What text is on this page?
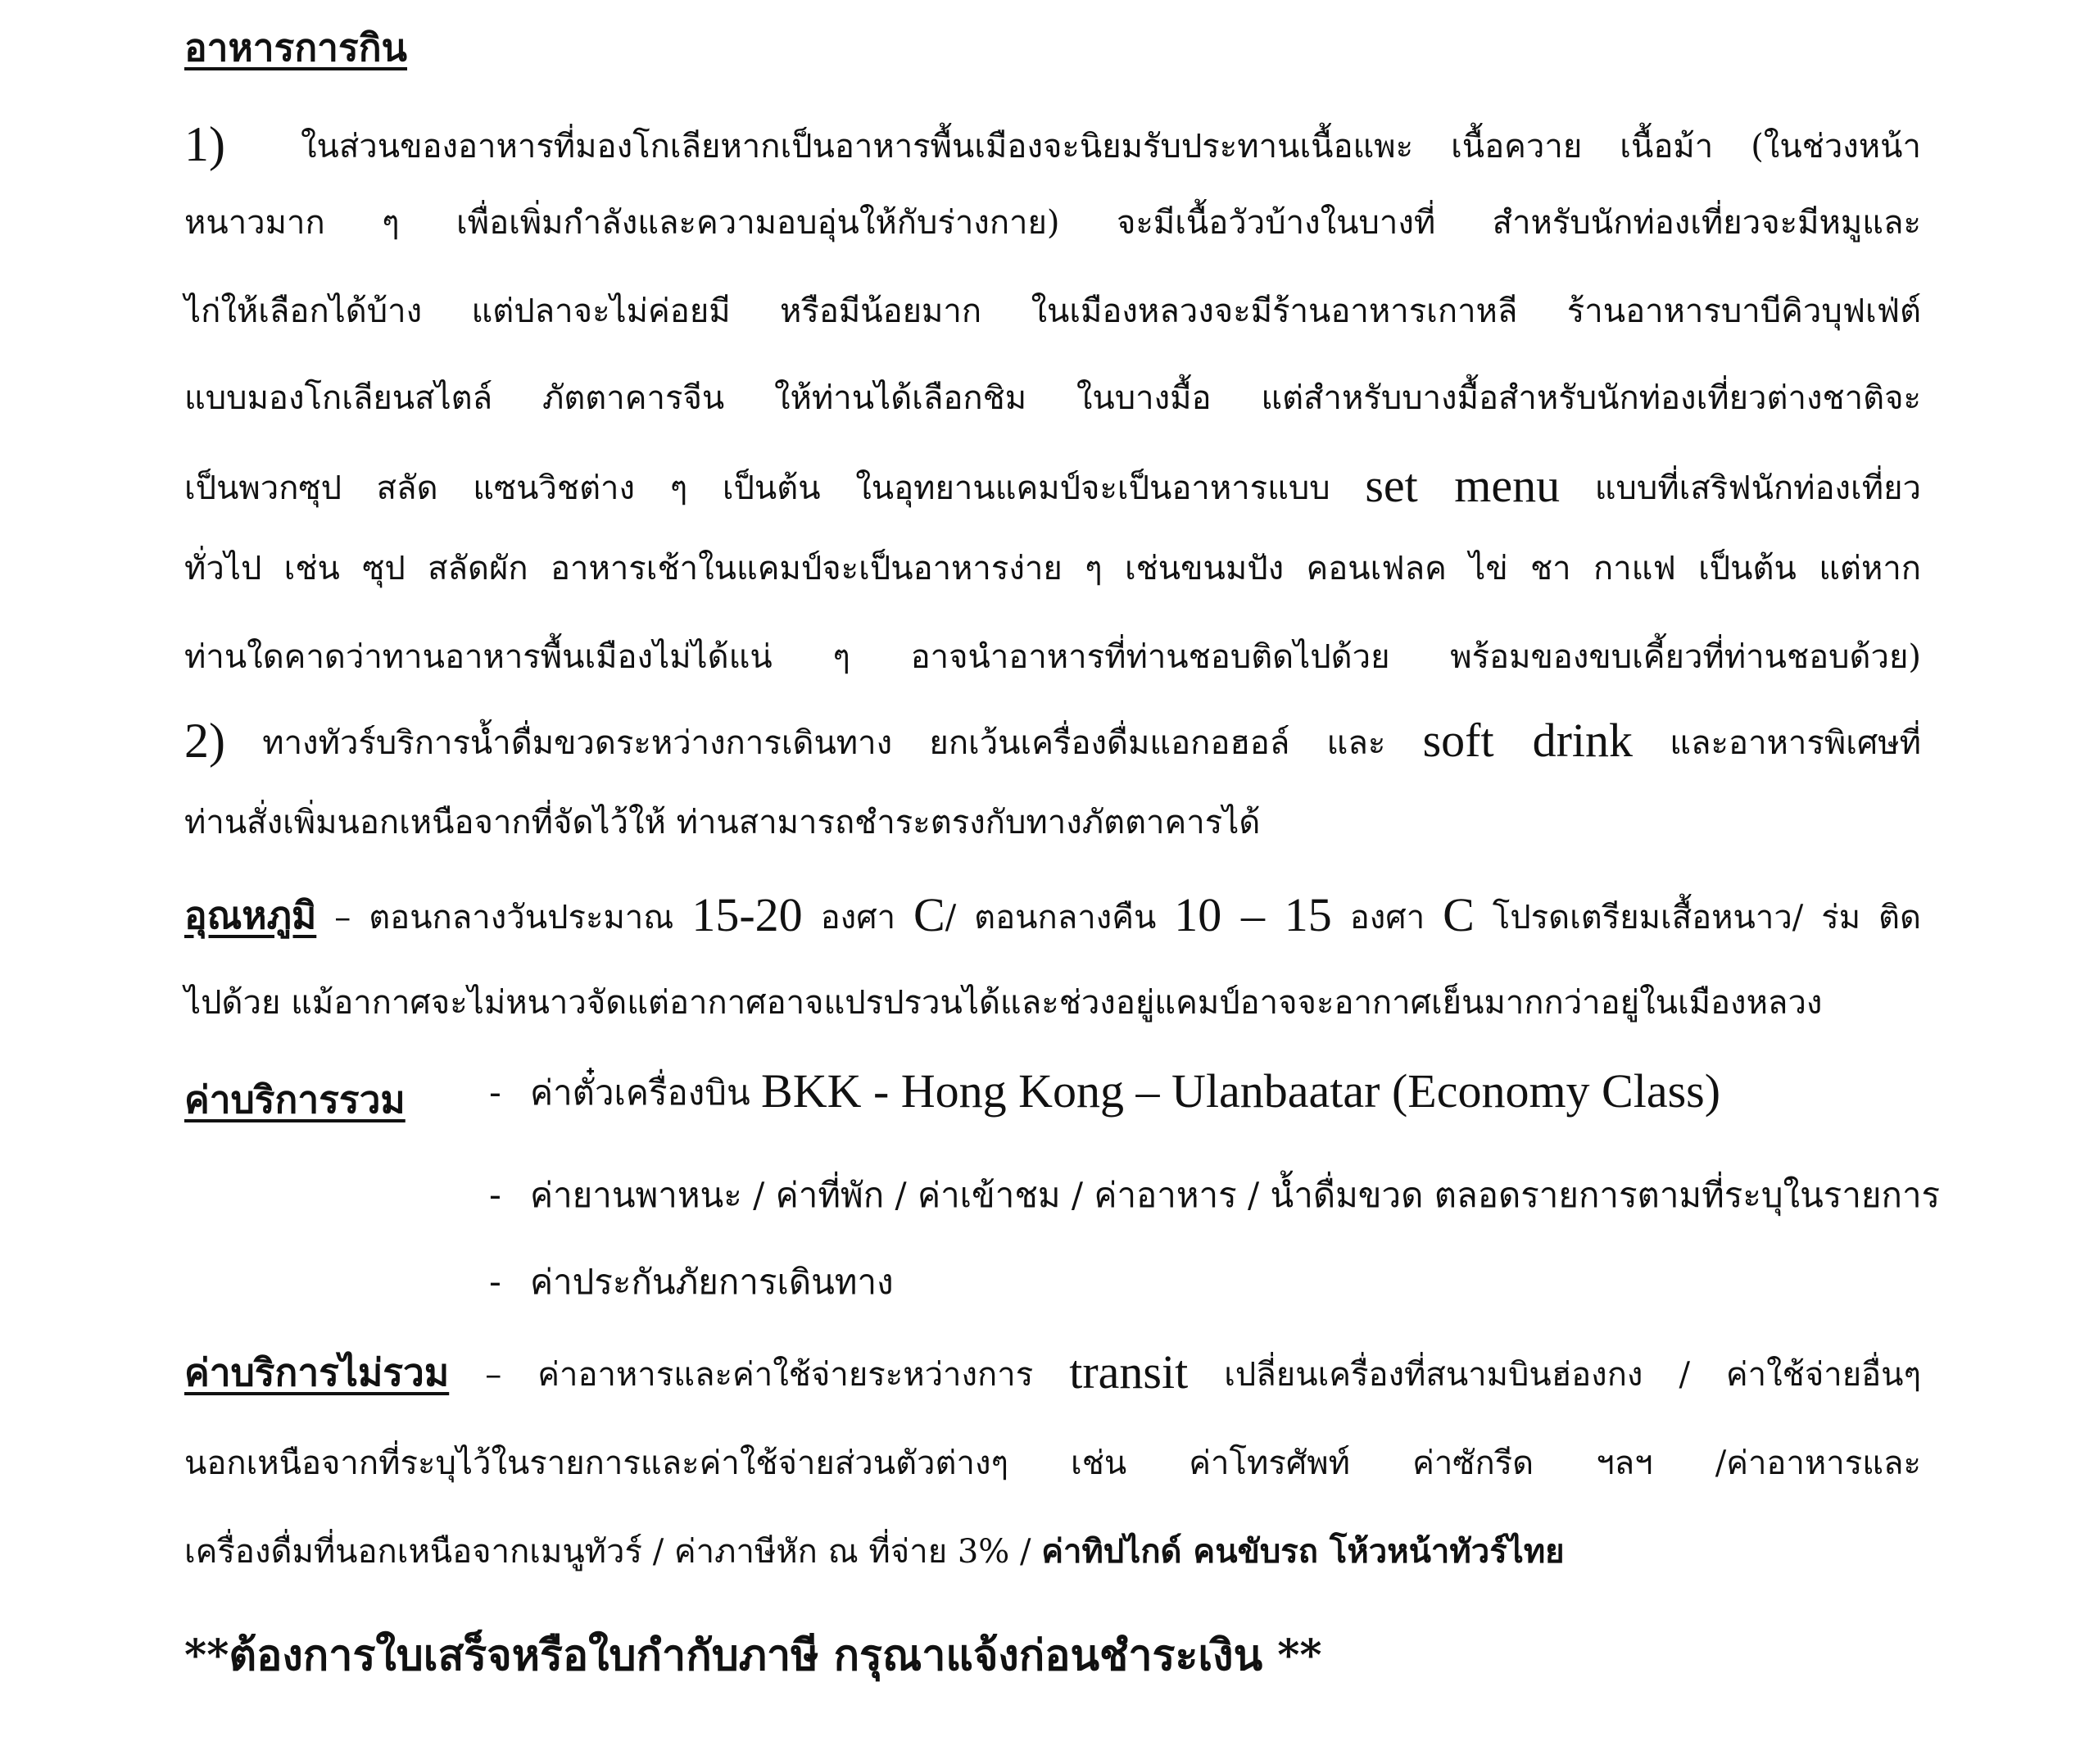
อาหารการกิน
1) ในส่วนของอาหารที่มองโกเลียหากเป็นอาหารพื้นเมืองจะนิยมรับประทานเนื้อแพะ เนื้อควาย เนื้อม้า (ในช่วงหน้า
หนาวมาก ๆ เพื่อเพิ่มกำลังและความอบอุ่นให้กับร่างกาย) จะมีเนื้อวัวบ้างในบางที่ สำหรับนักท่องเที่ยวจะมีหมูและ
ไก่ให้เลือกได้บ้าง แต่ปลาจะไม่ค่อยมี หรือมีน้อยมาก ในเมืองหลวงจะมีร้านอาหารเกาหลี ร้านอาหารบาบีคิวบุฟเฟ่ต์
แบบมองโกเลียนสไตล์ ภัตตาคารจีน ให้ท่านได้เลือกชิม ในบางมื้อ แต่สำหรับบางมื้อสำหรับนักท่องเที่ยวต่างชาติจะ
เป็นพวกซุป สลัด แซนวิชต่าง ๆ เป็นต้น ในอุทยานแคมป์จะเป็นอาหารแบบ set menu แบบที่เสริฟนักท่องเที่ยว
ทั่วไป เช่น ซุป สลัดผัก อาหารเช้าในแคมป์จะเป็นอาหารง่าย ๆ เช่นขนมปัง คอนเฟลค ไข่ ชา กาแฟ เป็นต้น แต่หาก
ท่านใดคาดว่าทานอาหารพื้นเมืองไม่ได้แน่ ๆ อาจนำอาหารที่ท่านชอบติดไปด้วย พร้อมของขบเคี้ยวที่ท่านชอบด้วย)
2) ทางทัวร์บริการน้ำดื่มขวดระหว่างการเดินทาง ยกเว้นเครื่องดื่มแอกอฮอล์ และ soft drink และอาหารพิเศษที่
ท่านสั่งเพิ่มนอกเหนือจากที่จัดไว้ให้ ท่านสามารถชำระตรงกับทางภัตตาคารได้
อุณหภูมิ – ตอนกลางวันประมาณ 15-20 องศา C/ ตอนกลางคืน 10 – 15 องศา C โปรดเตรียมเสื้อหนาว/ ร่ม ติด
ไปด้วย แม้อากาศจะไม่หนาวจัดแต่อากาศอาจแปรปรวนได้และช่วงอยู่แคมป์อาจจะอากาศเย็นมากกว่าอยู่ในเมืองหลวง
ค่าบริการรวม - ค่าตั๋วเครื่องบิน BKK - Hong Kong – Ulanbaatar (Economy Class)
- ค่ายานพาหนะ / ค่าที่พัก / ค่าเข้าชม / ค่าอาหาร / น้ำดื่มขวด ตลอดรายการตามที่ระบุในรายการ
- ค่าประกันภัยการเดินทาง
ค่าบริการไม่รวม – ค่าอาหารและค่าใช้จ่ายระหว่างการ transit เปลี่ยนเครื่องที่สนามบินฮ่องกง / ค่าใช้จ่ายอื่นๆ
นอกเหนือจากที่ระบุไว้ในรายการและค่าใช้จ่ายส่วนตัวต่างๆ เช่น ค่าโทรศัพท์ ค่าซักรีด ฯลฯ /ค่าอาหารและ
เครื่องดื่มที่นอกเหนือจากเมนูทัวร์ / ค่าภาษีหัก ณ ที่จ่าย 3% / ค่าทิปไกด์ คนขับรถ โห้วหน้าทัวร์ไทย
**ต้องการใบเสร็จหรือใบกำกับภาษี กรุณาแจ้งก่อนชำระเงิน **
